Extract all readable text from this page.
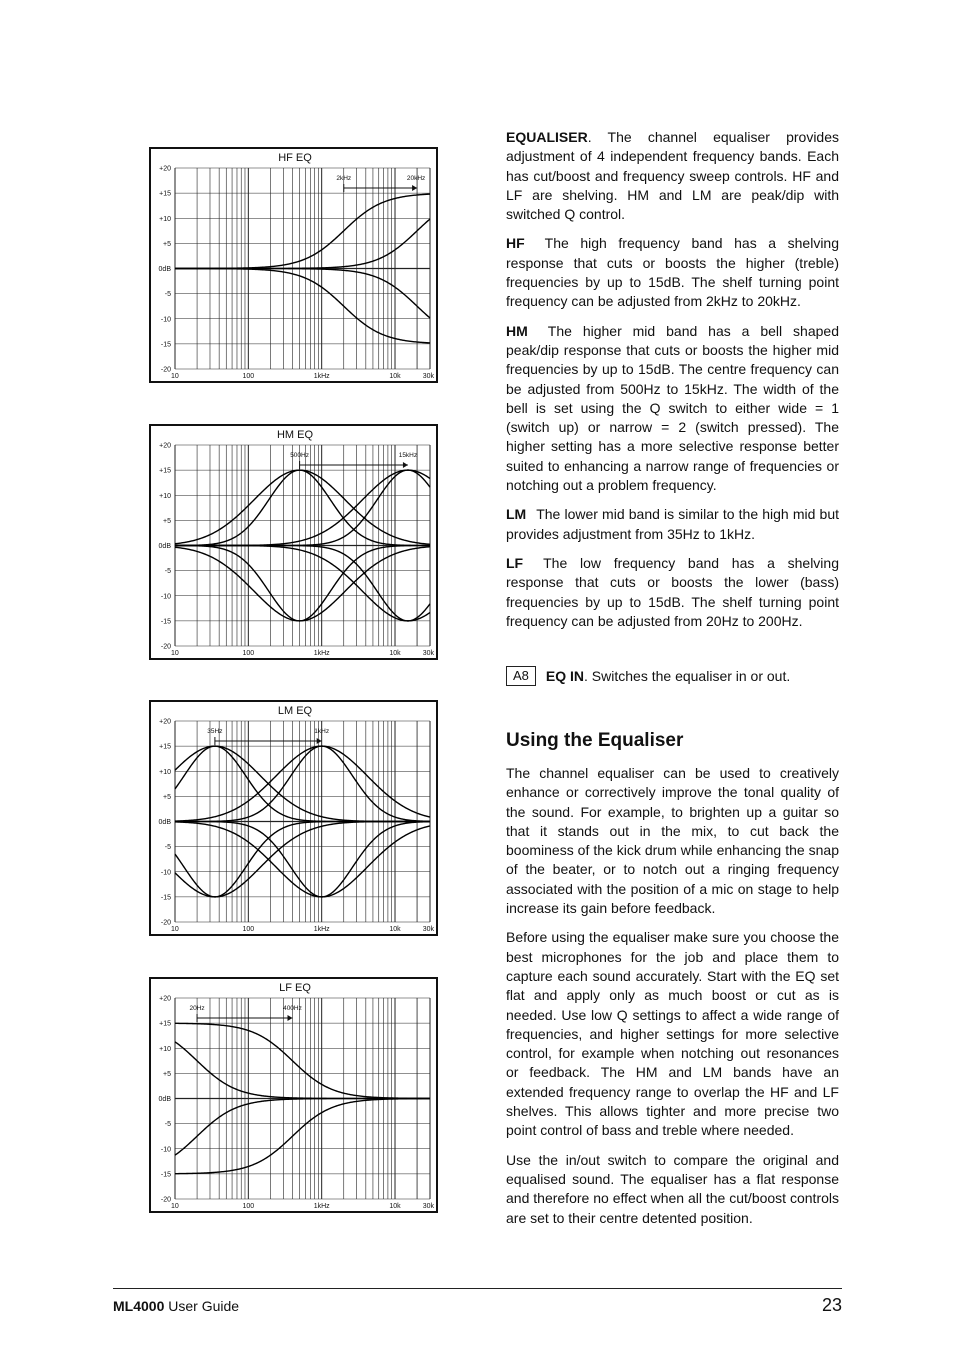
+20
+15
+10
+5
0dB
-5
-10
-15
-20
10	100	1kHz	10k	30k
HF EQ
2kHz	20kHz
+20
+15
+10
+5
0dB
-5
-10
-15
-20
10	100	1kHz	10k	30k
HM EQ
500Hz	15kHz
+20
+15
+10
+5
0dB
-5
-10
-15
-20
10	100	1kHz	10k	30k
LM EQ
35Hz	1kHz
+20
+15
+10
+5
0dB
-5
-10
-15
-20
10	100	1kHz	10k	30k
LF EQ
20Hz	400Hz

EQUALISER. The channel equaliser provides adjustment of 4 independent frequency bands. Each has cut/boost and frequency sweep controls. HF and LF are shelving. HM and LM are peak/dip with switched Q control.

HF The high frequency band has a shelving response that cuts or boosts the higher (treble) frequencies by up to 15dB. The shelf turning point frequency can be adjusted from 2kHz to 20kHz.

HM The higher mid band has a bell shaped peak/dip response that cuts or boosts the higher mid frequencies by up to 15dB. The centre frequency can be adjusted from 500Hz to 15kHz. The width of the bell is set using the Q switch to either wide = 1 (switch up) or narrow = 2 (switch pressed). The higher setting has a more selective response better suited to enhancing a narrow range of frequencies or notching out a problem frequency.

LM The lower mid band is similar to the high mid but provides adjustment from 35Hz to 1kHz.

LF The low frequency band has a shelving response that cuts or boosts the lower (bass) frequencies by up to 15dB. The shelf turning point frequency can be adjusted from 20Hz to 200Hz.

A8	EQ IN . Switches the equaliser in or out.
Using the Equaliser

The channel equaliser can be used to creatively enhance or correctively improve the tonal quality of the sound. For example, to brighten up a guitar so that it stands out in the mix, to cut back the boominess of the kick drum while enhancing the snap of the beater, or to notch out a ringing frequency associated with the position of a mic on stage to help increase its gain before feedback.

Before using the equaliser make sure you choose the best microphones for the job and place them to capture each sound accurately. Start with the EQ set flat and apply only as much boost or cut as is needed. Use low Q settings to affect a wide range of frequencies, and higher settings for more selective control, for example when notching out resonances or feedback. The HM and LM bands have an extended frequency range to overlap the HF and LF shelves. This allows tighter and more precise two point control of bass and treble where needed.

Use the in/out switch to compare the original and equalised sound. The equaliser has a flat response and therefore no effect when all the cut/boost controls are set to their centre detented position.

ML4000 User Guide	23
